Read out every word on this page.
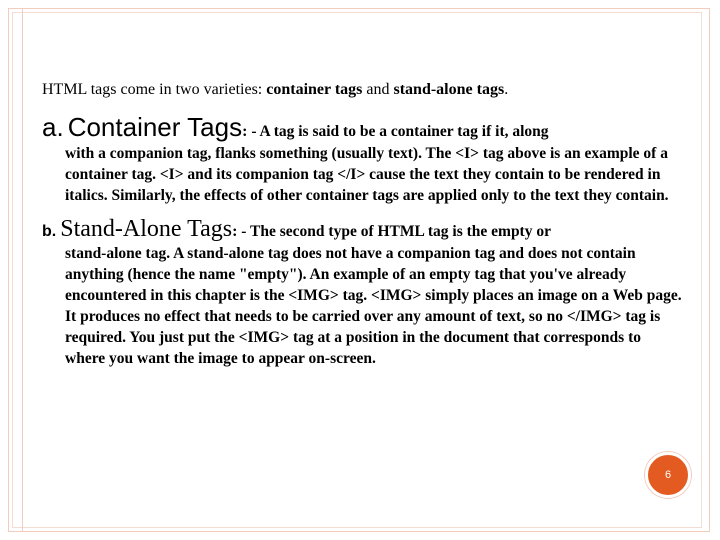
HTML tags come in two varieties: container tags and stand-alone tags.

a. Container Tags: - A tag is said to be a container tag if it, along

with a companion tag, flanks something (usually text). The <I> tag above is an example of a container tag. <I> and its companion tag </I> cause the text they contain to be rendered in italics. Similarly, the effects of other container tags are applied only to the text they contain.

b. Stand-Alone Tags: - The second type of HTML tag is the empty or

stand-alone tag. A stand-alone tag does not have a companion tag and does not contain anything (hence the name "empty"). An example of an empty tag that you've already encountered in this chapter is the <IMG> tag. <IMG> simply places an image on a Web page. It produces no effect that needs to be carried over any amount of text, so no </IMG> tag is required. You just put the <IMG> tag at a position in the document that corresponds to where you want the image to appear on-screen.

6
